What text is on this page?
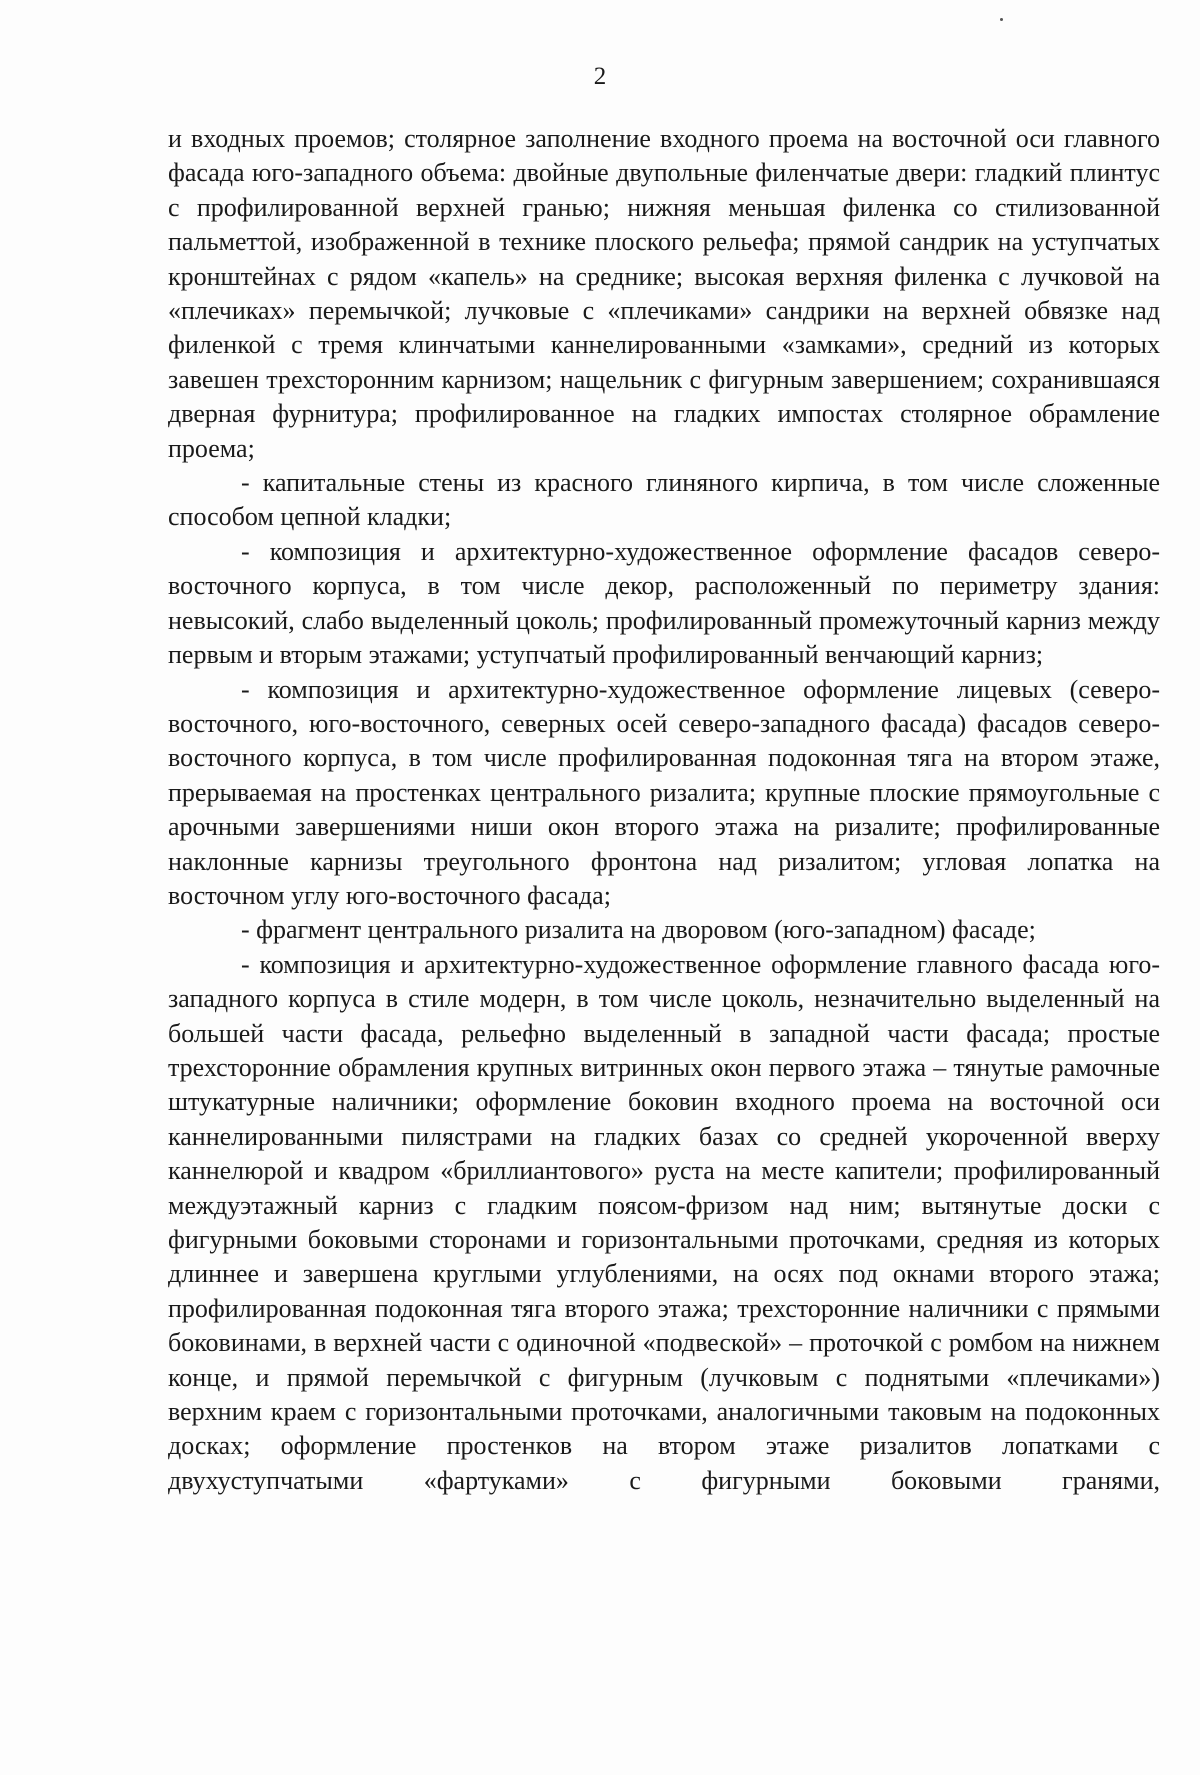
2

и входных проемов; столярное заполнение входного проема на восточной оси главного фасада юго-западного объема: двойные двупольные филенчатые двери: гладкий плинтус с профилированной верхней гранью; нижняя меньшая филенка со стилизованной пальметтой, изображенной в технике плоского рельефа; прямой сандрик на уступчатых кронштейнах с рядом «капель» на среднике; высокая верхняя филенка с лучковой на «плечиках» перемычкой; лучковые с «плечиками» сандрики на верхней обвязке над филенкой с тремя клинчатыми каннелированными «замками», средний из которых завешен трехсторонним карнизом; нащельник с фигурным завершением; сохранившаяся дверная фурнитура; профилированное на гладких импостах столярное обрамление проема;

- капитальные стены из красного глиняного кирпича, в том числе сложенные способом цепной кладки;

- композиция и архитектурно-художественное оформление фасадов северо-восточного корпуса, в том числе декор, расположенный по периметру здания: невысокий, слабо выделенный цоколь; профилированный промежуточный карниз между первым и вторым этажами; уступчатый профилированный венчающий карниз;

- композиция и архитектурно-художественное оформление лицевых (северо-восточного, юго-восточного, северных осей северо-западного фасада) фасадов северо-восточного корпуса, в том числе профилированная подоконная тяга на втором этаже, прерываемая на простенках центрального ризалита; крупные плоские прямоугольные с арочными завершениями ниши окон второго этажа на ризалите; профилированные наклонные карнизы треугольного фронтона над ризалитом; угловая лопатка на восточном углу юго-восточного фасада;

- фрагмент центрального ризалита на дворовом (юго-западном) фасаде;

- композиция и архитектурно-художественное оформление главного фасада юго-западного корпуса в стиле модерн, в том числе цоколь, незначительно выделенный на большей части фасада, рельефно выделенный в западной части фасада; простые трехсторонние обрамления крупных витринных окон первого этажа – тянутые рамочные штукатурные наличники; оформление боковин входного проема на восточной оси каннелированными пилястрами на гладких базах со средней укороченной вверху каннелюрой и квадром «бриллиантового» руста на месте капители; профилированный междуэтажный карниз с гладким поясом-фризом над ним; вытянутые доски с фигурными боковыми сторонами и горизонтальными проточками, средняя из которых длиннее и завершена круглыми углублениями, на осях под окнами второго этажа; профилированная подоконная тяга второго этажа; трехсторонние наличники с прямыми боковинами, в верхней части с одиночной «подвеской» – проточкой с ромбом на нижнем конце, и прямой перемычкой с фигурным (лучковым с поднятыми «плечиками») верхним краем с горизонтальными проточками, аналогичными таковым на подоконных досках; оформление простенков на втором этаже ризалитов лопатками с двухуступчатыми «фартуками» с фигурными боковыми гранями,
